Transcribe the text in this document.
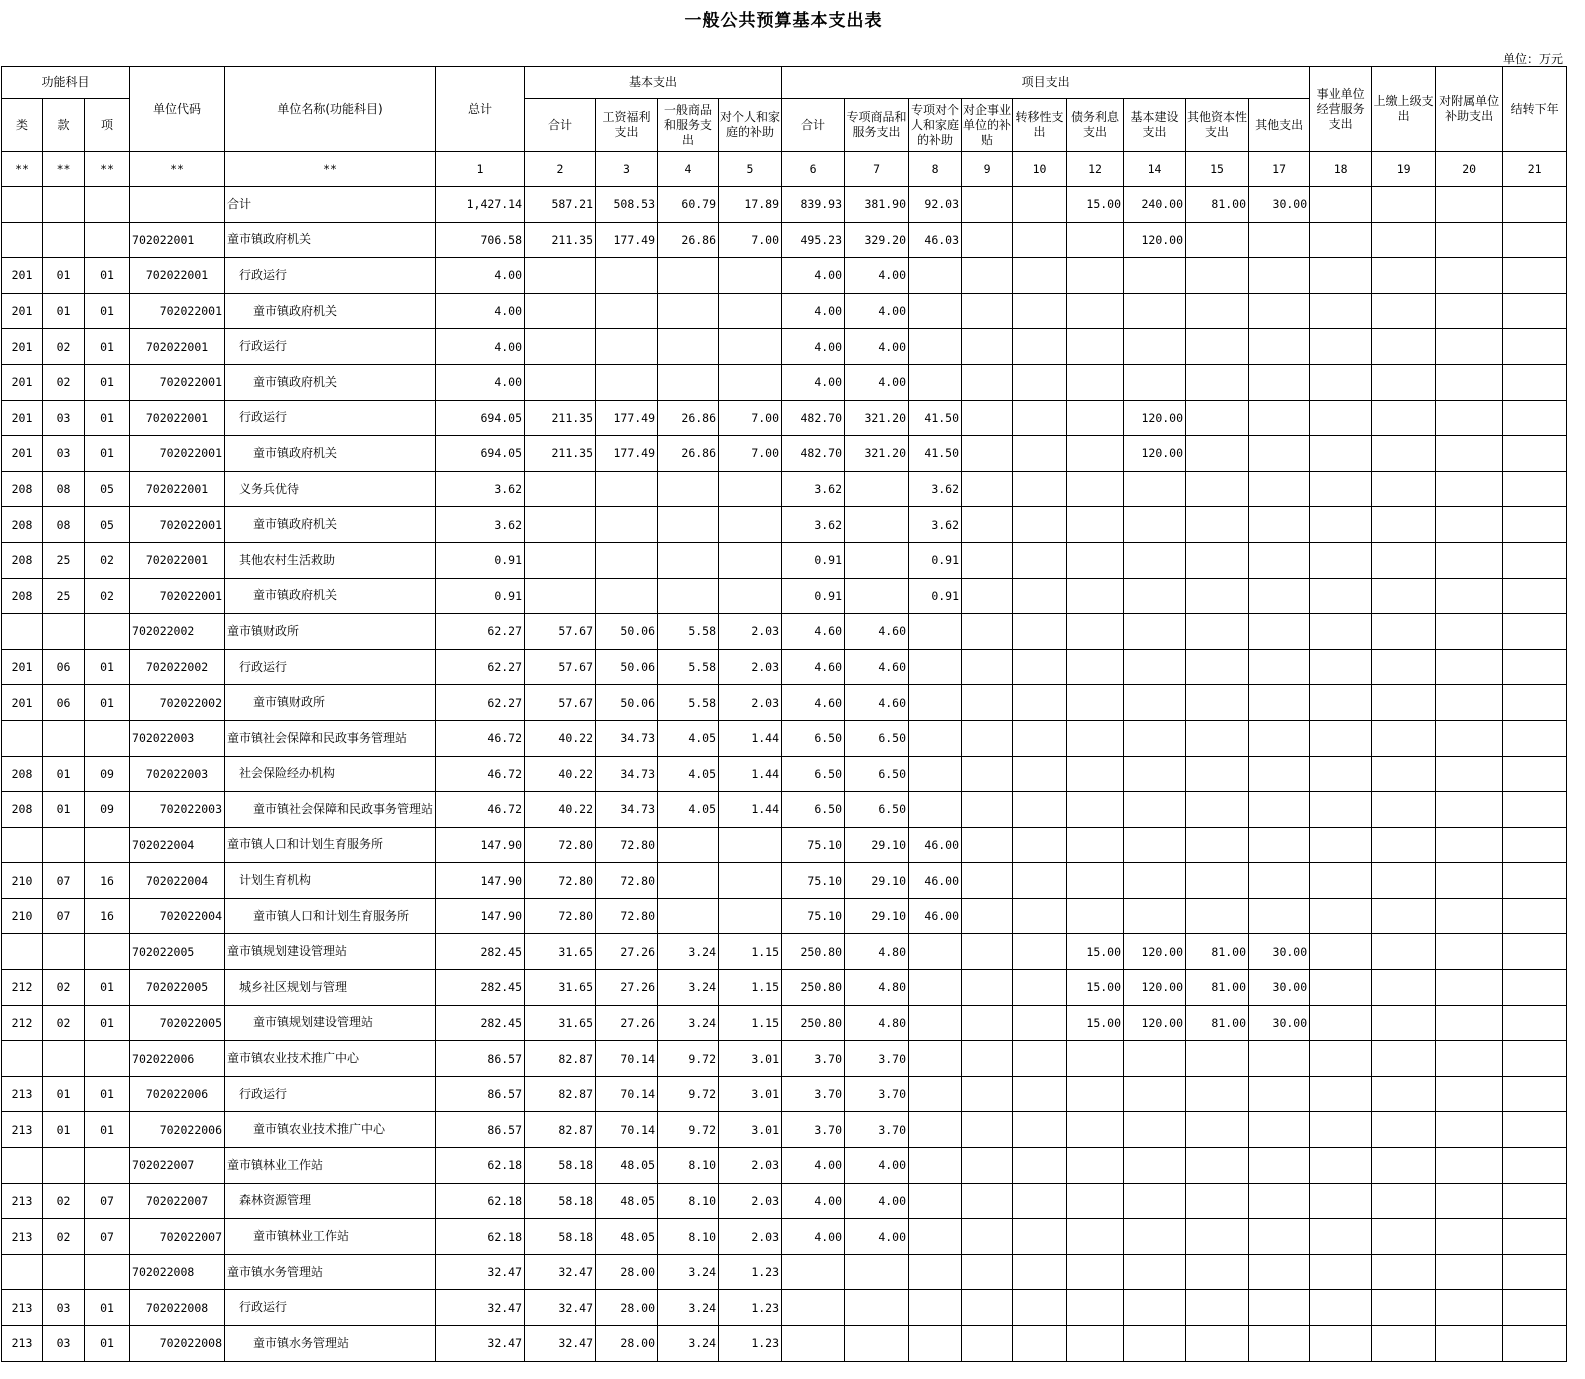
一般公共预算基本支出表
单位：万元
功能科目			单位代码	单位名称(功能科目)	总计	基本支出				项目支出									事业单位经营服务支出	上缴上级支出	对附属单位补助支出	结转下年
类	款	项				合计	工资福利支出	一般商品和服务支出	对个人和家庭的补助	合计	专项商品和服务支出	专项对个人和家庭的补助	对企事业单位的补贴	转移性支出	债务利息支出	基本建设支出	其他资本性支出	其他支出				
**	**	**	**	**	1	2	3	4	5	6	7	8	9	10	12	14	15	17	18	19	20	21
				合计	1,427.14	587.21	508.53	60.79	17.89	839.93	381.90	92.03			15.00	240.00	81.00	30.00				
			702022001	童市镇政府机关	706.58	211.35	177.49	26.86	7.00	495.23	329.20	46.03				120.00						
201	01	01	702022001	行政运行	4.00					4.00	4.00											
201	01	01	702022001	童市镇政府机关	4.00					4.00	4.00											
201	02	01	702022001	行政运行	4.00					4.00	4.00											
201	02	01	702022001	童市镇政府机关	4.00					4.00	4.00											
201	03	01	702022001	行政运行	694.05	211.35	177.49	26.86	7.00	482.70	321.20	41.50				120.00						
201	03	01	702022001	童市镇政府机关	694.05	211.35	177.49	26.86	7.00	482.70	321.20	41.50				120.00						
208	08	05	702022001	义务兵优待	3.62					3.62		3.62										
208	08	05	702022001	童市镇政府机关	3.62					3.62		3.62										
208	25	02	702022001	其他农村生活救助	0.91					0.91		0.91										
208	25	02	702022001	童市镇政府机关	0.91					0.91		0.91										
			702022002	童市镇财政所	62.27	57.67	50.06	5.58	2.03	4.60	4.60											
201	06	01	702022002	行政运行	62.27	57.67	50.06	5.58	2.03	4.60	4.60											
201	06	01	702022002	童市镇财政所	62.27	57.67	50.06	5.58	2.03	4.60	4.60											
			702022003	童市镇社会保障和民政事务管理站	46.72	40.22	34.73	4.05	1.44	6.50	6.50											
208	01	09	702022003	社会保险经办机构	46.72	40.22	34.73	4.05	1.44	6.50	6.50											
208	01	09	702022003	童市镇社会保障和民政事务管理站	46.72	40.22	34.73	4.05	1.44	6.50	6.50											
			702022004	童市镇人口和计划生育服务所	147.90	72.80	72.80			75.10	29.10	46.00										
210	07	16	702022004	计划生育机构	147.90	72.80	72.80			75.10	29.10	46.00										
210	07	16	702022004	童市镇人口和计划生育服务所	147.90	72.80	72.80			75.10	29.10	46.00										
			702022005	童市镇规划建设管理站	282.45	31.65	27.26	3.24	1.15	250.80	4.80				15.00	120.00	81.00	30.00				
212	02	01	702022005	城乡社区规划与管理	282.45	31.65	27.26	3.24	1.15	250.80	4.80				15.00	120.00	81.00	30.00				
212	02	01	702022005	童市镇规划建设管理站	282.45	31.65	27.26	3.24	1.15	250.80	4.80				15.00	120.00	81.00	30.00				
			702022006	童市镇农业技术推广中心	86.57	82.87	70.14	9.72	3.01	3.70	3.70											
213	01	01	702022006	行政运行	86.57	82.87	70.14	9.72	3.01	3.70	3.70											
213	01	01	702022006	童市镇农业技术推广中心	86.57	82.87	70.14	9.72	3.01	3.70	3.70											
			702022007	童市镇林业工作站	62.18	58.18	48.05	8.10	2.03	4.00	4.00											
213	02	07	702022007	森林资源管理	62.18	58.18	48.05	8.10	2.03	4.00	4.00											
213	02	07	702022007	童市镇林业工作站	62.18	58.18	48.05	8.10	2.03	4.00	4.00											
			702022008	童市镇水务管理站	32.47	32.47	28.00	3.24	1.23													
213	03	01	702022008	行政运行	32.47	32.47	28.00	3.24	1.23													
213	03	01	702022008	童市镇水务管理站	32.47	32.47	28.00	3.24	1.23													
